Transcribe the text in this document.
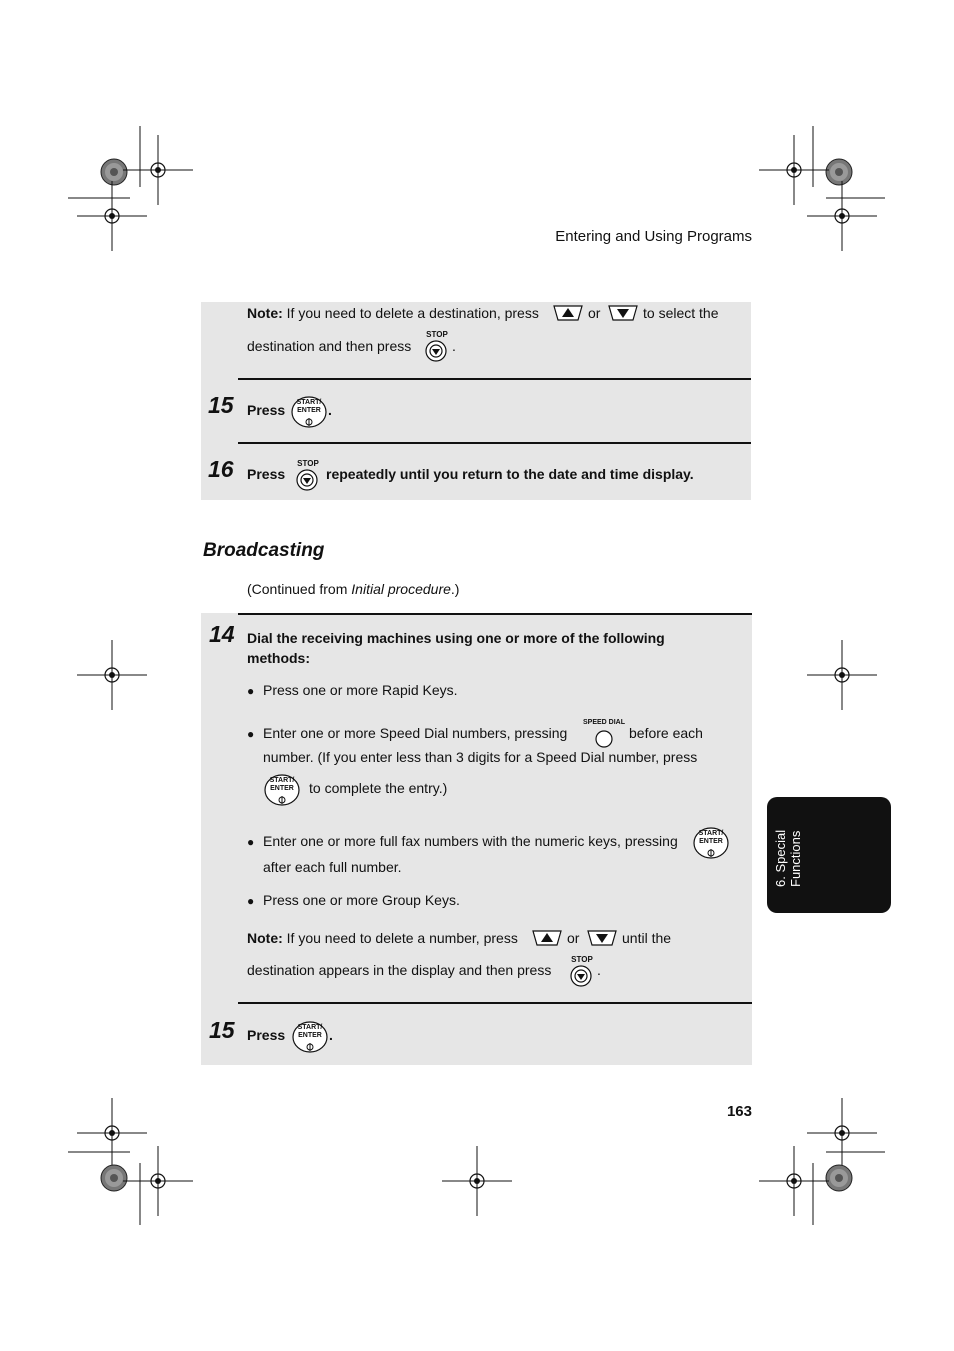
Entering and Using Programs
Note: If you need to delete a destination, press	or	to select the
destination and then press
STOP
.
15 Press	START/
ENTER .
16 Press
STOP
repeatedly until you return to the date and time display.
Broadcasting
(Continued from Initial procedure.)
14 Dial the receiving machines using one or more of the following
methods:
● Press one or more Rapid Keys.
● Enter one or more Speed Dial numbers, pressing
SPEED DIAL
before each
number. (If you enter less than 3 digits for a Speed Dial number, press
START/
ENTER	to complete the entry.)
● Enter one or more full fax numbers with the numeric keys, pressing	START/
ENTER
after each full number.
● Press one or more Group Keys.
Note: If you need to delete a number, press	or	until the
destination appears in the display and then press
STOP
.
15 Press	START/
ENTER .
6. Special Functions
163
